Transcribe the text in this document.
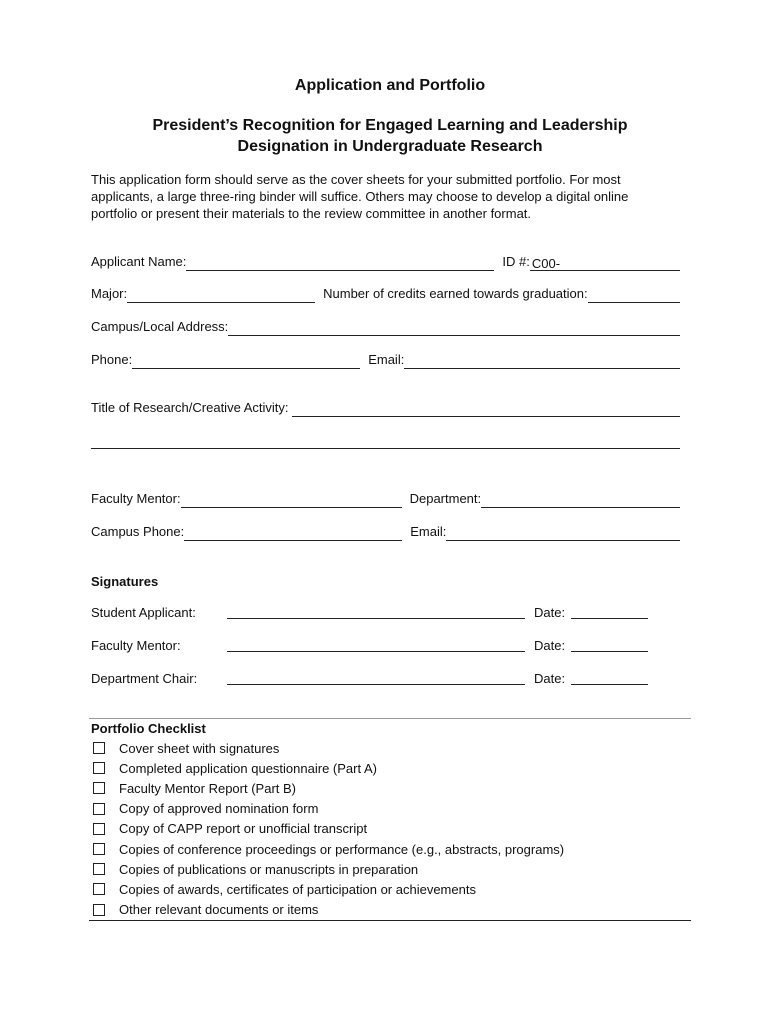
Application and Portfolio
President’s Recognition for Engaged Learning and Leadership
Designation in Undergraduate Research
This application form should serve as the cover sheets for your submitted portfolio. For most
applicants, a large three-ring binder will suffice. Others may choose to develop a digital online
portfolio or present their materials to the review committee in another format.
Applicant Name:	ID #: C00-
Major:	Number of credits earned towards graduation:
Campus/Local Address:
Phone:	Email:
Title of Research/Creative Activity:
Faculty Mentor:	Department:
Campus Phone:	Email:
Signatures
Student Applicant:	Date:
Faculty Mentor:	Date:
Department Chair:	Date:
Portfolio Checklist
Cover sheet with signatures
Completed application questionnaire (Part A)
Faculty Mentor Report (Part B)
Copy of approved nomination form
Copy of CAPP report or unofficial transcript
Copies of conference proceedings or performance (e.g., abstracts, programs)
Copies of publications or manuscripts in preparation
Copies of awards, certificates of participation or achievements
Other relevant documents or items
